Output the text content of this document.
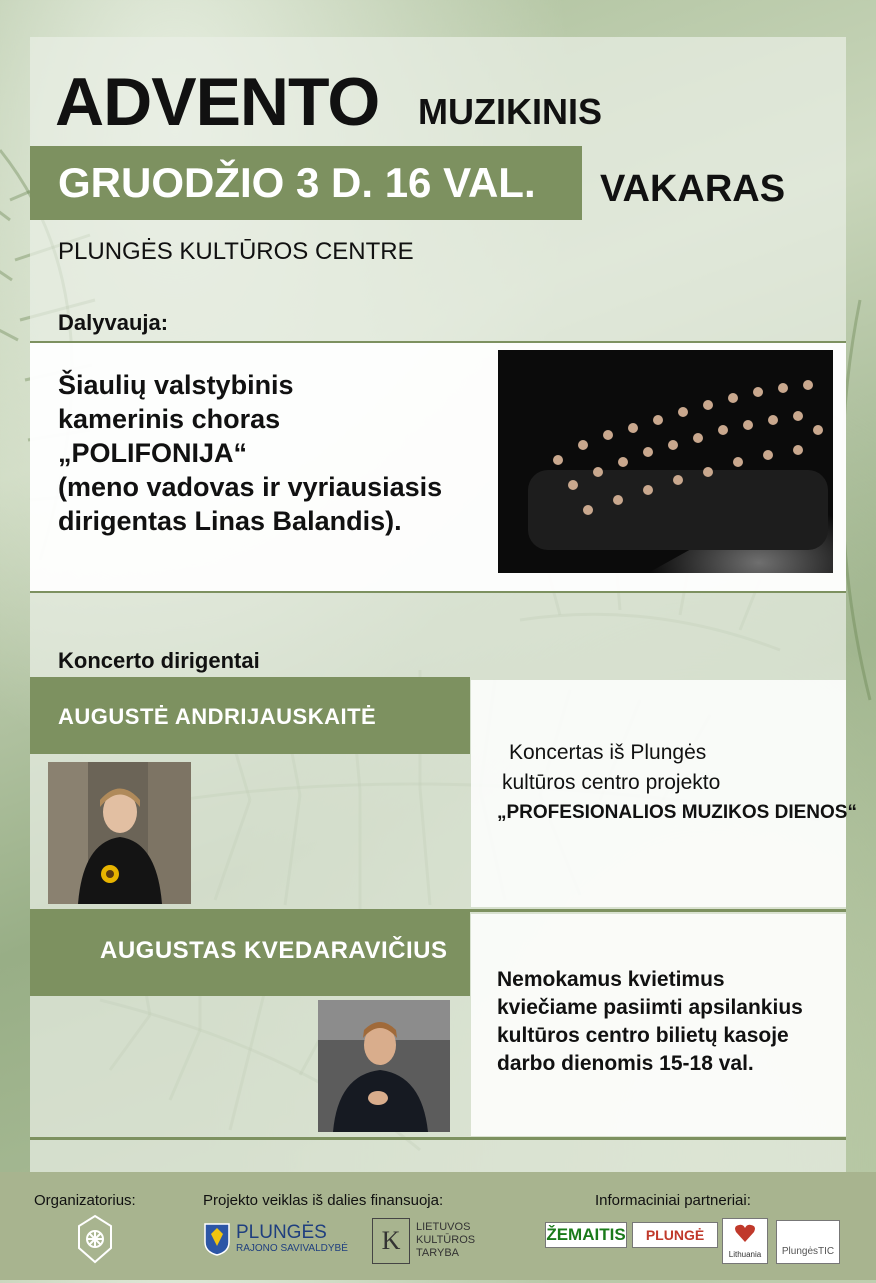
ADVENTO MUZIKINIS
GRUODŽIO 3 D. 16 VAL. VAKARAS
PLUNGĖS KULTŪROS CENTRE
Dalyvauja:
Šiaulių valstybinis
kamerinis choras
„POLIFONIJA“
(meno vadovas ir vyriausiasis
dirigentas Linas Balandis).
Koncerto dirigentai
AUGUSTĖ ANDRIJAUSKAITĖ
Koncertas iš Plungės
kultūros centro projekto
„PROFESIONALIOS MUZIKOS DIENOS“
AUGUSTAS KVEDARAVIČIUS
Nemokamus kvietimus
kviečiame pasiimti apsilankius
kultūros centro bilietų kasoje
darbo dienomis 15-18 val.
Organizatorius:	Projekto veiklas iš dalies finansuoja:	Informaciniai partneriai:
PLUNGĖS
RAJONO SAVIVALDYBĖ	K	LIETUVOS
KULTŪROS
TARYBA
ŽEMAITIS	PLUNGĖ
Lithuania	PlungėsTIC
